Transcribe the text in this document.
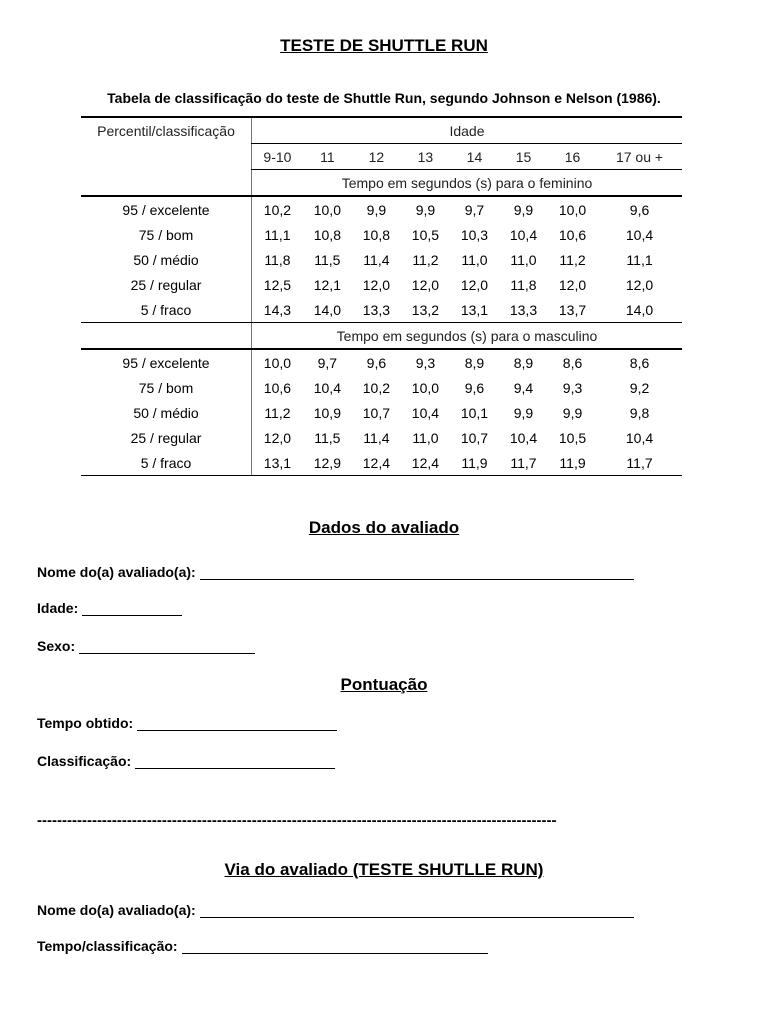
TESTE DE SHUTTLE RUN
Tabela de classificação do teste de Shuttle Run, segundo Johnson e Nelson (1986).
Percentil/classificação	Idade							
	9-10	11	12	13	14	15	16	17 ou +
	Tempo em segundos (s) para o feminino							
95 / excelente	10,2	10,0	9,9	9,9	9,7	9,9	10,0	9,6
75 / bom	11,1	10,8	10,8	10,5	10,3	10,4	10,6	10,4
50 / médio	11,8	11,5	11,4	11,2	11,0	11,0	11,2	11,1
25 / regular	12,5	12,1	12,0	12,0	12,0	11,8	12,0	12,0
5 / fraco	14,3	14,0	13,3	13,2	13,1	13,3	13,7	14,0
	Tempo em segundos (s) para o masculino							
95 / excelente	10,0	9,7	9,6	9,3	8,9	8,9	8,6	8,6
75 / bom	10,6	10,4	10,2	10,0	9,6	9,4	9,3	9,2
50 / médio	11,2	10,9	10,7	10,4	10,1	9,9	9,9	9,8
25 / regular	12,0	11,5	11,4	11,0	10,7	10,4	10,5	10,4
5 / fraco	13,1	12,9	12,4	12,4	11,9	11,7	11,9	11,7
Dados do avaliado
Nome do(a) avaliado(a):
Idade:
Sexo:
Pontuação
Tempo obtido:
Classificação:
--------------------------------------------------------------------------------------------------------
Via do avaliado (TESTE SHUTLLE RUN)
Nome do(a) avaliado(a):
Tempo/classificação:
